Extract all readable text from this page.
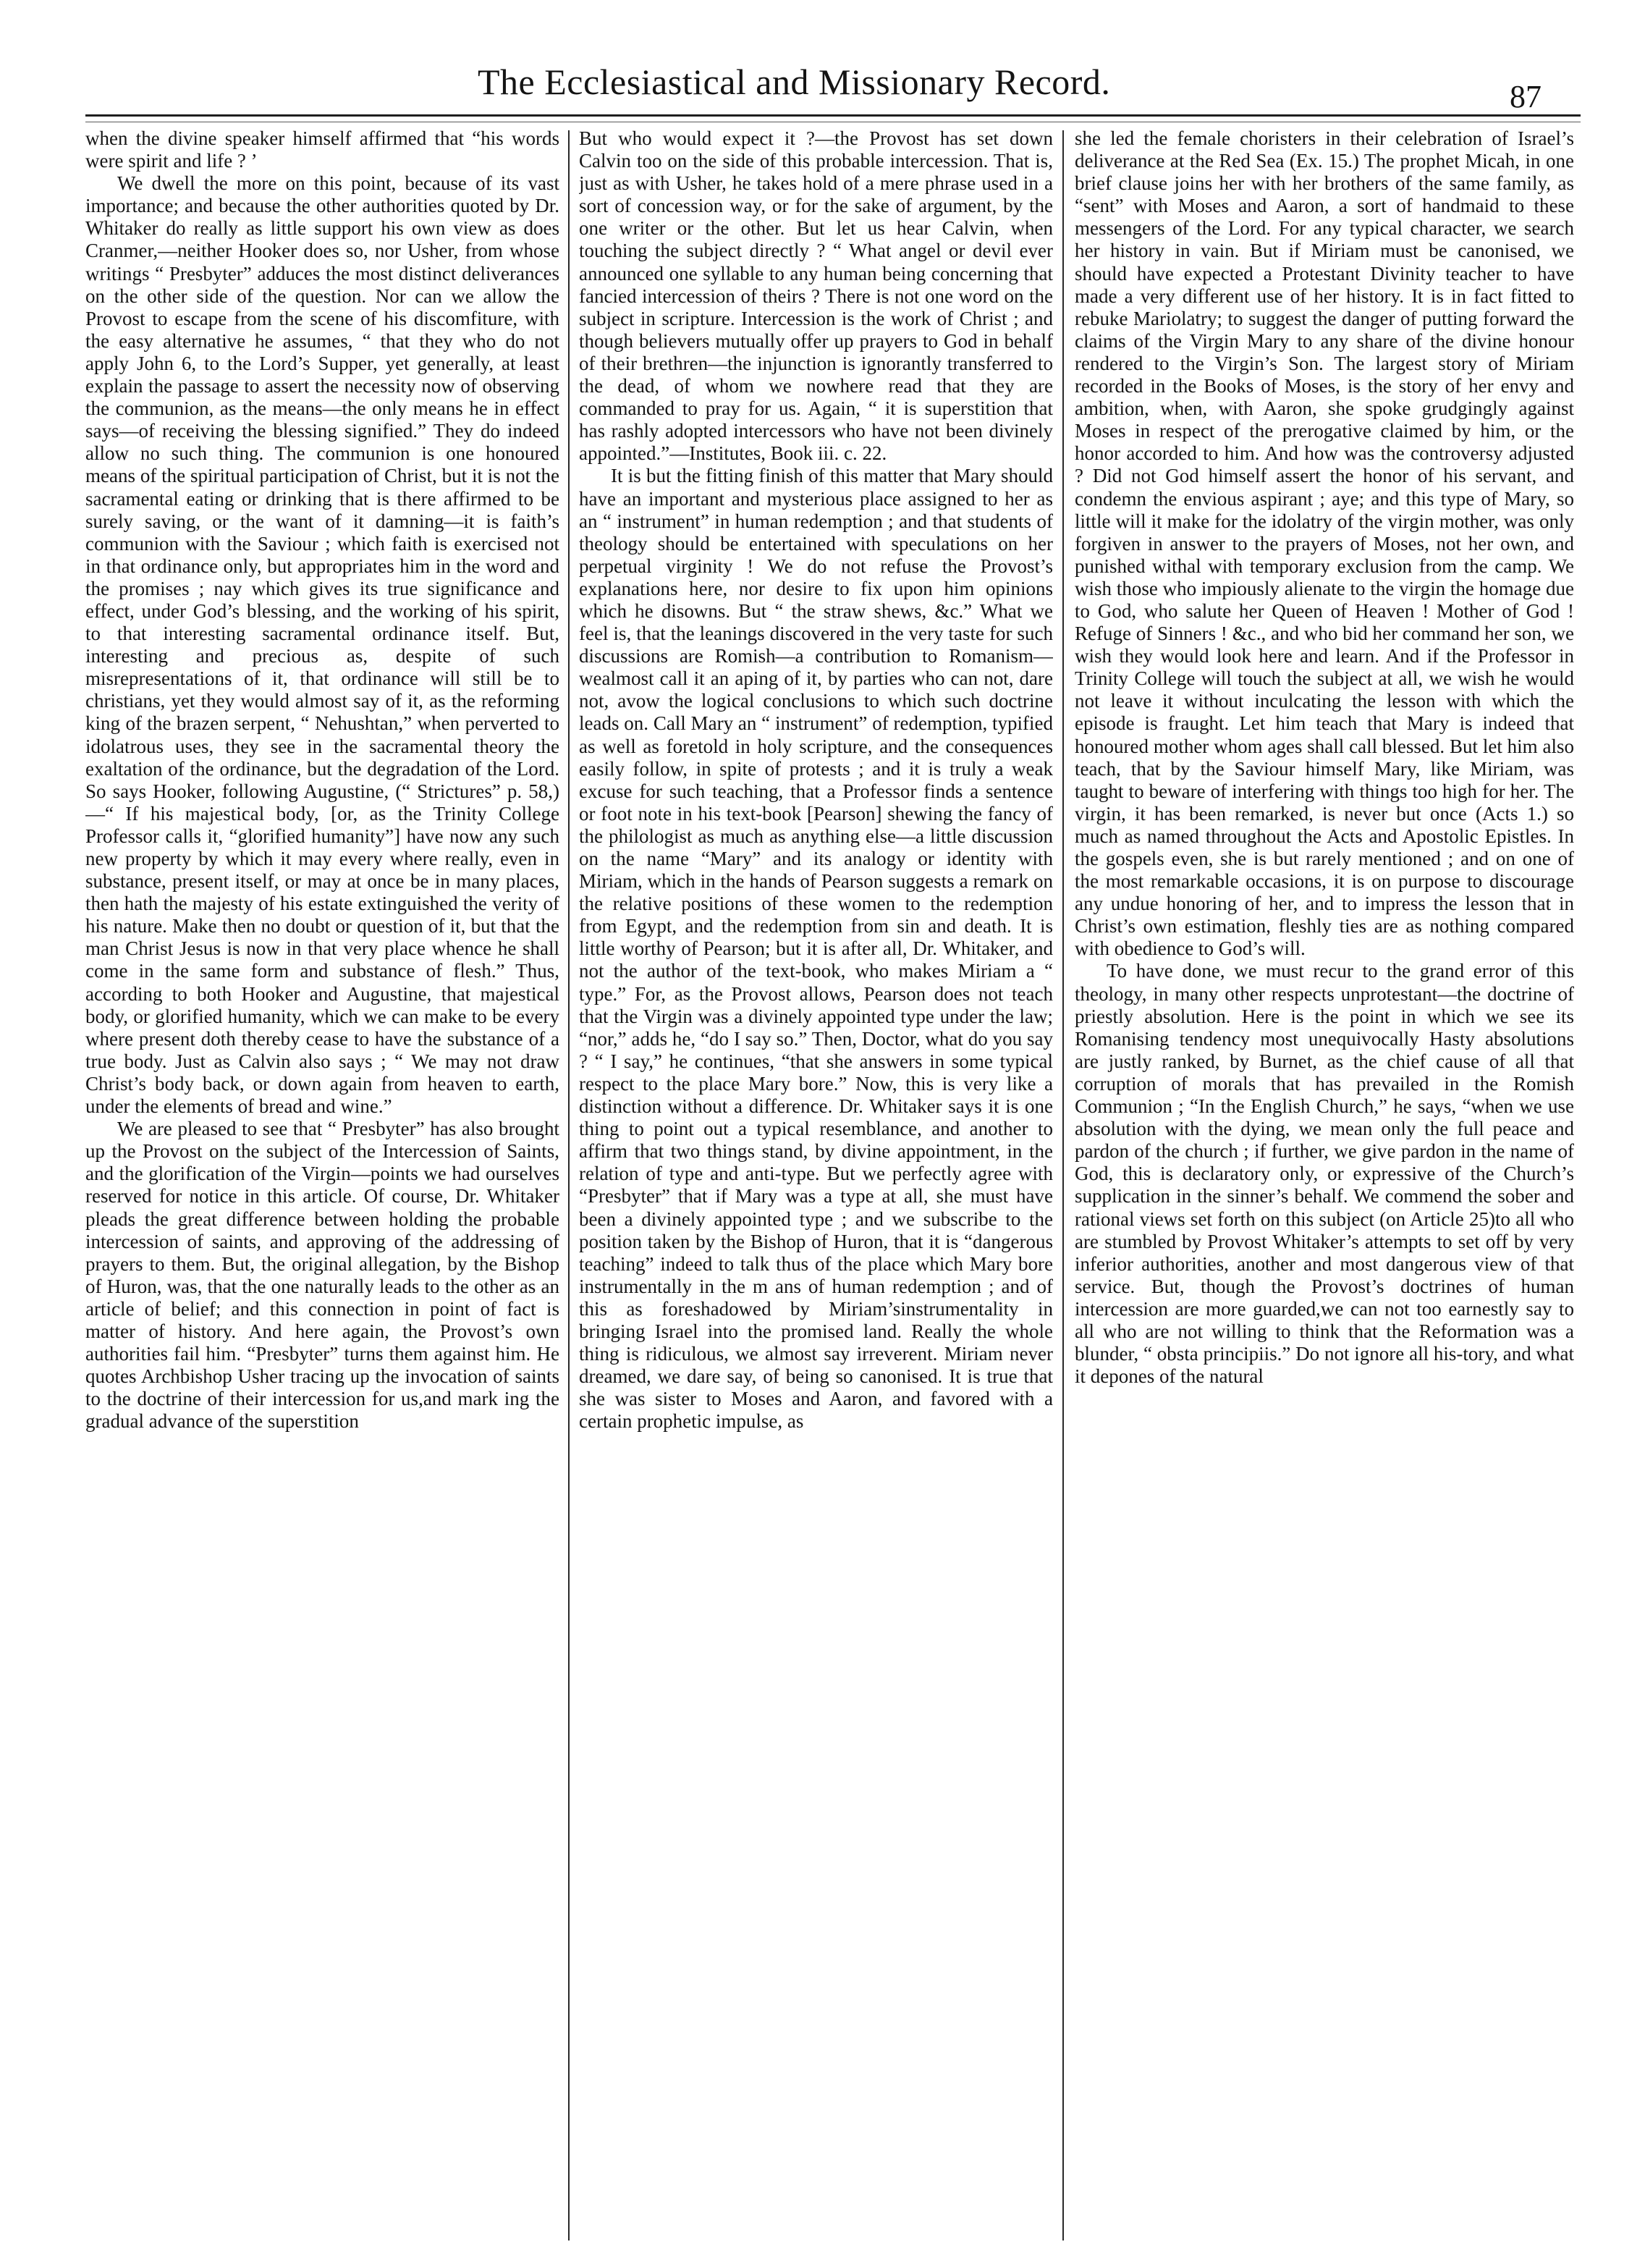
The Ecclesiastical and Missionary Record.	87

when the divine speaker himself affirmed that “his words were spirit and life ? ’

We dwell the more on this point, because of its vast importance; and because the other authorities quoted by Dr. Whitaker do really as little support his own view as does Cranmer,—neither Hooker does so, nor Usher, from whose writings “ Presbyter” adduces the most distinct deliverances on the other side of the question. Nor can we allow the Provost to escape from the scene of his discomfiture, with the easy alternative he assumes, “ that they who do not apply John 6, to the Lord’s Supper, yet generally, at least explain the passage to assert the necessity now of observing the communion, as the means—the only means he in effect says—of receiving the blessing signified.” They do indeed allow no such thing. The communion is one honoured means of the spiritual participation of Christ, but it is not the sacramental eating or drinking that is there affirmed to be surely saving, or the want of it damning—it is faith’s communion with the Saviour ; which faith is exercised not in that ordinance only, but appropriates him in the word and the promises ; nay which gives its true significance and effect, under God’s blessing, and the working of his spirit, to that interesting sacramental ordinance itself. But, interesting and precious as, despite of such misrepresentations of it, that ordinance will still be to christians, yet they would almost say of it, as the reforming king of the brazen serpent, “ Nehushtan,” when perverted to idolatrous uses, they see in the sacramental theory the exaltation of the ordinance, but the degradation of the Lord. So says Hooker, following Augustine, (“ Strictures” p. 58,)—“ If his majestical body, [or, as the Trinity College Professor calls it, “glorified humanity”] have now any such new property by which it may every where really, even in substance, present itself, or may at once be in many places, then hath the majesty of his estate extinguished the verity of his nature. Make then no doubt or question of it, but that the man Christ Jesus is now in that very place whence he shall come in the same form and substance of flesh.” Thus, according to both Hooker and Augustine, that majestical body, or glorified humanity, which we can make to be every where present doth thereby cease to have the substance of a true body. Just as Calvin also says ; “ We may not draw Christ’s body back, or down again from heaven to earth, under the elements of bread and wine.”

We are pleased to see that “ Presbyter” has also brought up the Provost on the subject of the Intercession of Saints, and the glorification of the Virgin—points we had ourselves reserved for notice in this article. Of course, Dr. Whitaker pleads the great difference between holding the probable intercession of saints, and approving of the addressing of prayers to them. But, the original allegation, by the Bishop of Huron, was, that the one naturally leads to the other as an article of belief; and this connection in point of fact is matter of history. And here again, the Provost’s own authorities fail him. “Presbyter” turns them against him. He quotes Archbishop Usher tracing up the invocation of saints to the doctrine of their intercession for us,and mark ing the gradual advance of the superstition

But who would expect it ?—the Provost has set down Calvin too on the side of this probable intercession. That is, just as with Usher, he takes hold of a mere phrase used in a sort of concession way, or for the sake of argument, by the one writer or the other. But let us hear Calvin, when touching the subject directly ? “ What angel or devil ever announced one syllable to any human being concerning that fancied intercession of theirs ? There is not one word on the subject in scripture. Intercession is the work of Christ ; and though believers mutually offer up prayers to God in behalf of their brethren—the injunction is ignorantly transferred to the dead, of whom we nowhere read that they are commanded to pray for us. Again, “ it is superstition that has rashly adopted intercessors who have not been divinely appointed.”—Institutes, Book iii. c. 22.

It is but the fitting finish of this matter that Mary should have an important and mysterious place assigned to her as an “ instrument” in human redemption ; and that students of theology should be entertained with speculations on her perpetual virginity ! We do not refuse the Provost’s explanations here, nor desire to fix upon him opinions which he disowns. But “ the straw shews, &c.” What we feel is, that the leanings discovered in the very taste for such discussions are Romish—a contribution to Romanism—wealmost call it an aping of it, by parties who can not, dare not, avow the logical conclusions to which such doctrine leads on. Call Mary an “ instrument” of redemption, typified as well as foretold in holy scripture, and the consequences easily follow, in spite of protests ; and it is truly a weak excuse for such teaching, that a Professor finds a sentence or foot note in his text-book [Pearson] shewing the fancy of the philologist as much as anything else—a little discussion on the name “Mary” and its analogy or identity with Miriam, which in the hands of Pearson suggests a remark on the relative positions of these women to the redemption from Egypt, and the redemption from sin and death. It is little worthy of Pearson; but it is after all, Dr. Whitaker, and not the author of the text-book, who makes Miriam a “ type.” For, as the Provost allows, Pearson does not teach that the Virgin was a divinely appointed type under the law; “nor,” adds he, “do I say so.” Then, Doctor, what do you say ? “ I say,” he continues, “that she answers in some typical respect to the place Mary bore.” Now, this is very like a distinction without a difference. Dr. Whitaker says it is one thing to point out a typical resemblance, and another to affirm that two things stand, by divine appointment, in the relation of type and anti-type. But we perfectly agree with “Presbyter” that if Mary was a type at all, she must have been a divinely appointed type ; and we subscribe to the position taken by the Bishop of Huron, that it is “dangerous teaching” indeed to talk thus of the place which Mary bore instrumentally in the m ans of human redemption ; and of this as foreshadowed by Miriam’sinstrumentality in bringing Israel into the promised land. Really the whole thing is ridiculous, we almost say irreverent. Miriam never dreamed, we dare say, of being so canonised. It is true that she was sister to Moses and Aaron, and favored with a certain prophetic impulse, as

she led the female choristers in their celebration of Israel’s deliverance at the Red Sea (Ex. 15.) The prophet Micah, in one brief clause joins her with her brothers of the same family, as “sent” with Moses and Aaron, a sort of handmaid to these messengers of the Lord. For any typical character, we search her history in vain. But if Miriam must be canonised, we should have expected a Protestant Divinity teacher to have made a very different use of her history. It is in fact fitted to rebuke Mariolatry; to suggest the danger of putting forward the claims of the Virgin Mary to any share of the divine honour rendered to the Virgin’s Son. The largest story of Miriam recorded in the Books of Moses, is the story of her envy and ambition, when, with Aaron, she spoke grudgingly against Moses in respect of the prerogative claimed by him, or the honor accorded to him. And how was the controversy adjusted ? Did not God himself assert the honor of his servant, and condemn the envious aspirant ; aye; and this type of Mary, so little will it make for the idolatry of the virgin mother, was only forgiven in answer to the prayers of Moses, not her own, and punished withal with temporary exclusion from the camp. We wish those who impiously alienate to the virgin the homage due to God, who salute her Queen of Heaven ! Mother of God ! Refuge of Sinners ! &c., and who bid her command her son, we wish they would look here and learn. And if the Professor in Trinity College will touch the subject at all, we wish he would not leave it without inculcating the lesson with which the episode is fraught. Let him teach that Mary is indeed that honoured mother whom ages shall call blessed. But let him also teach, that by the Saviour himself Mary, like Miriam, was taught to beware of interfering with things too high for her. The virgin, it has been remarked, is never but once (Acts 1.) so much as named throughout the Acts and Apostolic Epistles. In the gospels even, she is but rarely mentioned ; and on one of the most remarkable occasions, it is on purpose to discourage any undue honoring of her, and to impress the lesson that in Christ’s own estimation, fleshly ties are as nothing compared with obedience to God’s will.

To have done, we must recur to the grand error of this theology, in many other respects unprotestant—the doctrine of priestly absolution. Here is the point in which we see its Romanising tendency most unequivocally Hasty absolutions are justly ranked, by Burnet, as the chief cause of all that corruption of morals that has prevailed in the Romish Communion ; “In the English Church,” he says, “when we use absolution with the dying, we mean only the full peace and pardon of the church ; if further, we give pardon in the name of God, this is declaratory only, or expressive of the Church’s supplication in the sinner’s behalf. We commend the sober and rational views set forth on this subject (on Article 25)to all who are stumbled by Provost Whitaker’s attempts to set off by very inferior authorities, another and most dangerous view of that service. But, though the Provost’s doctrines of human intercession are more guarded,we can not too earnestly say to all who are not willing to think that the Reformation was a blunder, “ obsta principiis.” Do not ignore all his-tory, and what it depones of the natural
